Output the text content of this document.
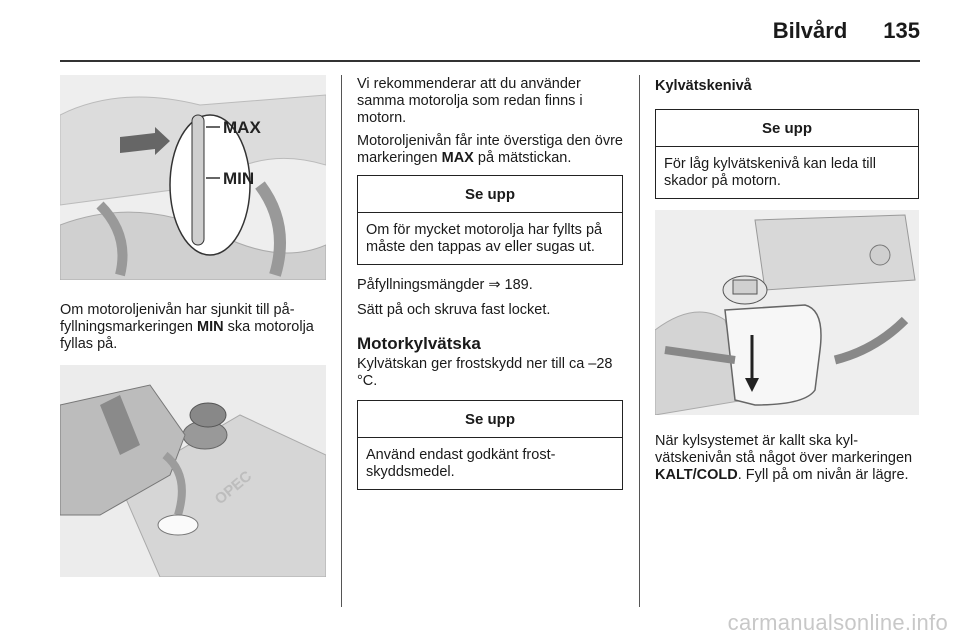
Bilvård 135
MAX
MIN

Om motoroljenivån har sjunkit till påfyllningsmarkeringen MIN ska motorolja fyllas på.

OPEC

Vi rekommenderar att du använder samma motorolja som redan finns i motorn.

Motoroljenivån får inte överstiga den övre markeringen MAX på mätstickan.

Se upp
Om för mycket motorolja har fyllts på måste den tappas av eller sugas ut.

Påfyllningsmängder ⇒ 189.

Sätt på och skruva fast locket.

Motorkylvätska

Kylvätskan ger frostskydd ner till ca –28 °C.

Se upp
Använd endast godkänt frostskyddsmedel.
Kylvätskenivå
Se upp
För låg kylvätskenivå kan leda till skador på motorn.

När kylsystemet är kallt ska kylvätskenivån stå något över markeringen KALT/COLD. Fyll på om nivån är lägre.

carmanualsonline.info
